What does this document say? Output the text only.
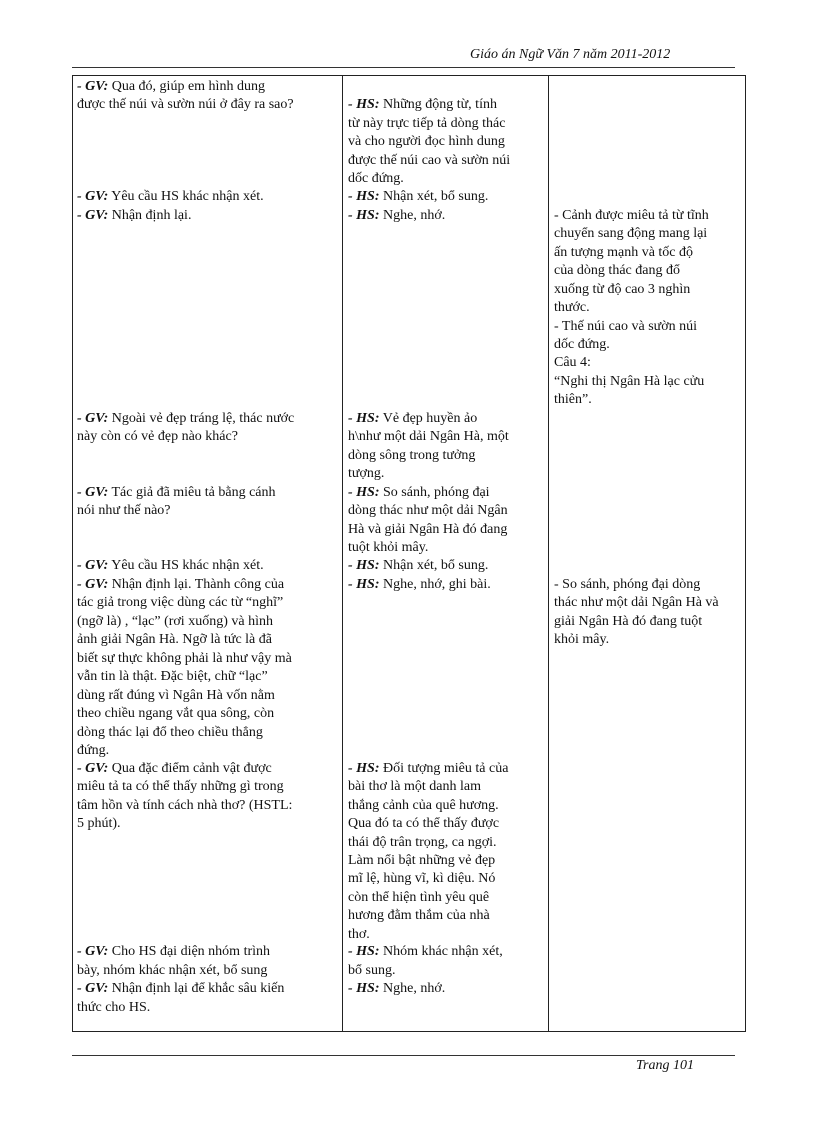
Giáo án Ngữ Văn 7 năm 2011-2012
- GV: Qua đó, giúp em hình dung
được thế núi và sườn núi ở đây ra sao?
- GV: Yêu cầu HS khác nhận xét.
- GV: Nhận định lại.
- GV: Ngoài vẻ đẹp tráng lệ, thác nước
này còn có vẻ đẹp nào khác?
- GV: Tác giả đã miêu tả bằng cánh
nói như thế nào?
- GV: Yêu cầu HS khác nhận xét.
- GV: Nhận định lại. Thành công của
tác giả trong việc dùng các từ “nghĩ”
(ngỡ là) , “lạc” (rơi xuống) và hình
ảnh giải Ngân Hà. Ngỡ là tức là đã
biết sự thực không phải là như vậy mà
vẫn tin là thật. Đặc biệt, chữ “lạc”
dùng rất đúng vì Ngân Hà vốn nằm
theo chiều ngang vắt qua sông, còn
dòng thác lại đổ theo chiều thẳng
đứng.
- GV: Qua đặc điểm cảnh vật được
miêu tả ta có thể thấy những gì trong
tâm hồn và tính cách nhà thơ? (HSTL:
5 phút).
- GV: Cho HS đại diện nhóm trình
bày, nhóm khác nhận xét, bổ sung
- GV: Nhận định lại để khắc sâu kiến
thức cho HS.
- HS: Những động từ, tính
từ này trực tiếp tả dòng thác
và cho người đọc hình dung
được thế núi cao và sườn núi
dốc đứng.
- HS: Nhận xét, bổ sung.
- HS: Nghe, nhớ.
- HS: Vẻ đẹp huyền ảo
h\như một dải Ngân Hà, một
dòng sông trong tưởng
tượng.
- HS: So sánh, phóng đại
dòng thác như một dải Ngân
Hà và giải Ngân Hà đó đang
tuột khỏi mây.
- HS: Nhận xét, bổ sung.
- HS: Nghe, nhớ, ghi bài.
- HS: Đối tượng miêu tả của
bài thơ là một danh lam
thắng cảnh của quê hương.
Qua đó ta có thể thấy được
thái độ trân trọng, ca ngợi.
Làm nổi bật những vẻ đẹp
mĩ lệ, hùng vĩ, kì diệu. Nó
còn thể hiện tình yêu quê
hương đằm thắm của nhà
thơ.
- HS: Nhóm khác nhận xét,
bổ sung.
- HS: Nghe, nhớ.
- Cảnh được miêu tả từ tĩnh
chuyển sang động mang lại
ấn tượng mạnh và tốc độ
của dòng thác đang đổ
xuống từ độ cao 3 nghìn
thước.
- Thế núi cao và sườn núi
dốc đứng.
Câu 4:
“Nghi thị Ngân Hà lạc cửu
thiên”.
- So sánh, phóng đại dòng
thác như một dải Ngân Hà và
giải Ngân Hà đó đang tuột
khỏi mây.
Trang 101
